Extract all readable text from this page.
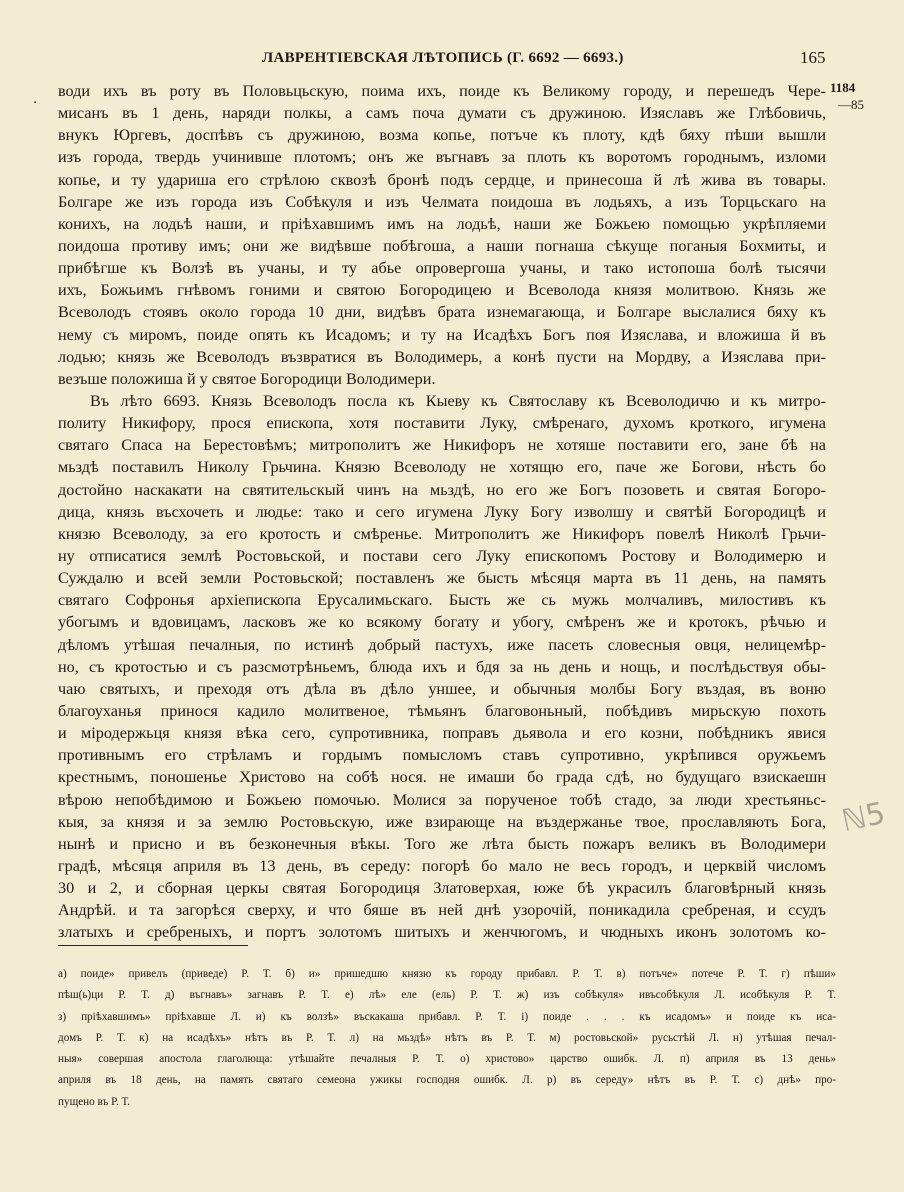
ЛАВРЕНТІЕВСКАЯ ЛѢТОПИСЬ (Г. 6692 — 6693.)	165
1184
—85
. води ихъ въ роту въ Половьцьскую, поима ихъ, поиде къ Великому городу, и перешедъ Чере-
мисанъ въ 1 день, наряди полкы, а самъ поча думати съ дружиною. Изяславъ же Глѣбовичь,
внукъ Юргевъ, доспѣвъ съ дружиною, возма копье, потъче къ плоту, кдѣ бяху пѣши вышли
изъ города, твердь учинивше плотомъ; онъ же въгнавъ за плоть къ воротомъ городнымъ, изломи
копье, и ту удариша его стрѣлою сквозѣ бронѣ подъ сердце, и принесоша й лѣ жива въ товары.
Болгаре же изъ города изъ Собѣкуля и изъ Челмата поидоша въ лодьяхъ, а изъ Торцьскаго на
конихъ, на лодьѣ наши, и пріѣхавшимъ имъ на лодьѣ, наши же Божьею помощью укрѣпляеми
поидоша противу имъ; они же видѣвше побѣгоша, а наши погнаша сѣкуще поганыя Бохмиты, и
прибѣгше къ Волзѣ въ учаны, и ту абье опровергоша учаны, и тако истопоша болѣ тысячи
ихъ, Божьимъ гнѣвомъ гоними и святою Богородицею и Всеволода князя молитвою. Князь же
Всеволодъ стоявъ около города 10 дни, видѣвъ брата изнемагающа, и Болгаре выслалися бяху къ
нему съ миромъ, поиде опять къ Исадомъ; и ту на Исадѣхъ Богъ поя Изяслава, и вложиша й въ
лодью; князь же Всеволодъ възвратися въ Володимерь, а конѣ пусти на Мордву, а Изяслава при-
везъше положиша й у святое Богородици Володимери.
Въ лѣто 6693. Князь Всеволодъ посла къ Кыеву къ Святославу къ Всеволодичю и къ митро-
политу Никифору, прося епископа, хотя поставити Луку, смѣренаго, духомъ кроткого, игумена
святаго Спаса на Берестовѣмъ; митрополитъ же Никифоръ не хотяше поставити его, зане бѣ на
мьздѣ поставилъ Николу Грьчина. Князю Всеволоду не хотящю его, паче же Богови, нѣсть бо
достойно наскакати на святительскый чинъ на мьздѣ, но его же Богъ позоветь и святая Богоро-
дица, князь въсхочеть и людье: тако и сего игумена Луку Богу изволшу и святѣй Богородицѣ и
князю Всеволоду, за его кротость и смѣренье. Митрополитъ же Никифоръ повелѣ Николѣ Грьчи-
ну отписатися землѣ Ростовьской, и постави сего Луку епископомъ Ростову и Володимерю и
Суждалю и всей земли Ростовьской; поставленъ же бысть мѣсяця марта въ 11 день, на память
святаго Софронья архіепископа Ерусалимьскаго. Бысть же сь мужь молчаливъ, милостивъ къ
убогымъ и вдовицамъ, ласковъ же ко всякому богату и убогу, смѣренъ же и кротокъ, рѣчью и
дѣломъ утѣшая печалныя, по истинѣ добрый пастухъ, иже пасеть словесныя овця, нелицемѣр-
но, съ кротостью и съ разсмотрѣньемъ, блюда ихъ и бдя за нь день и нощь, и послѣдьствуя обы-
чаю святыхъ, и преходя отъ дѣла въ дѣло уншее, и обычныя молбы Богу въздая, въ воню
благоуханья принося кадило молитвеное, тѣмьянъ благовоньный, побѣдивъ мирьскую похоть
и міродержьця князя вѣка сего, супротивника, поправъ дьявола и его козни, побѣдникъ явися
противнымъ его стрѣламъ и гордымъ помысломъ ставъ супротивно, укрѣпився оружьемъ
крестнымъ, поношенье Христово на собѣ нося. не имаши бо града сдѣ, но будущаго взискаешн
вѣрою непобѣдимою и Божьею помочью. Молися за порученое тобѣ стадо, за люди хрестьяньс-
кыя, за князя и за землю Ростовьскую, иже взирающе на въздержанье твое, прославляють Бога,
нынѣ и присно и въ безконечныя вѣкы. Того же лѣта бысть пожаръ великъ въ Володимери
градѣ, мѣсяця априля въ 13 день, въ середу: погорѣ бо мало не весь городъ, и церквій числомъ
30 и 2, и сборная церкы святая Богородиця Златоверхая, юже бѣ украсилъ благовѣрный князь
Андрѣй. и та загорѣся сверху, и что бяше въ ней днѣ узорочій, поникадила сребреная, и ссудъ
златыхъ и сребреныхъ, и портъ золотомъ шитыхъ и женчюгомъ, и чюдныхъ иконъ золотомъ ко-
ℕ5
а) поиде» привелъ (приведе) Р. Т. б) и» пришедшю князю къ городу прибавл. Р. Т. в) потъче» потече Р. Т. г) пѣши»
пѣш(ь)ци Р. Т. д) въгнавъ» загнавъ Р. Т. е) лѣ» еле (ель) Р. Т. ж) изъ собѣкуля» ивъсобѣкуля Л. исобѣкуля Р. Т.
з) пріѣхавшимъ» пріѣхавше Л. и) къ волзѣ» въскакаша прибавл. Р. Т. і) поиде . . . къ исадомъ» и поиде къ иса-
домъ Р. Т. к) на исадѣхъ» нѣтъ въ Р. Т. л) на мьздѣ» нѣтъ въ Р. Т. м) ростовьской» русьстѣй Л. н) утѣшая печал-
ныя» совершая апостола глаголюща: утѣшайте печалныя Р. Т. о) христово» царство ошибк. Л. п) априля въ 13 день»
априля въ 18 день, на память святаго семеона ужикы господня ошибк. Л. р) въ середу» нѣтъ въ Р. Т. с) днѣ» про-
пущено въ Р. Т.
